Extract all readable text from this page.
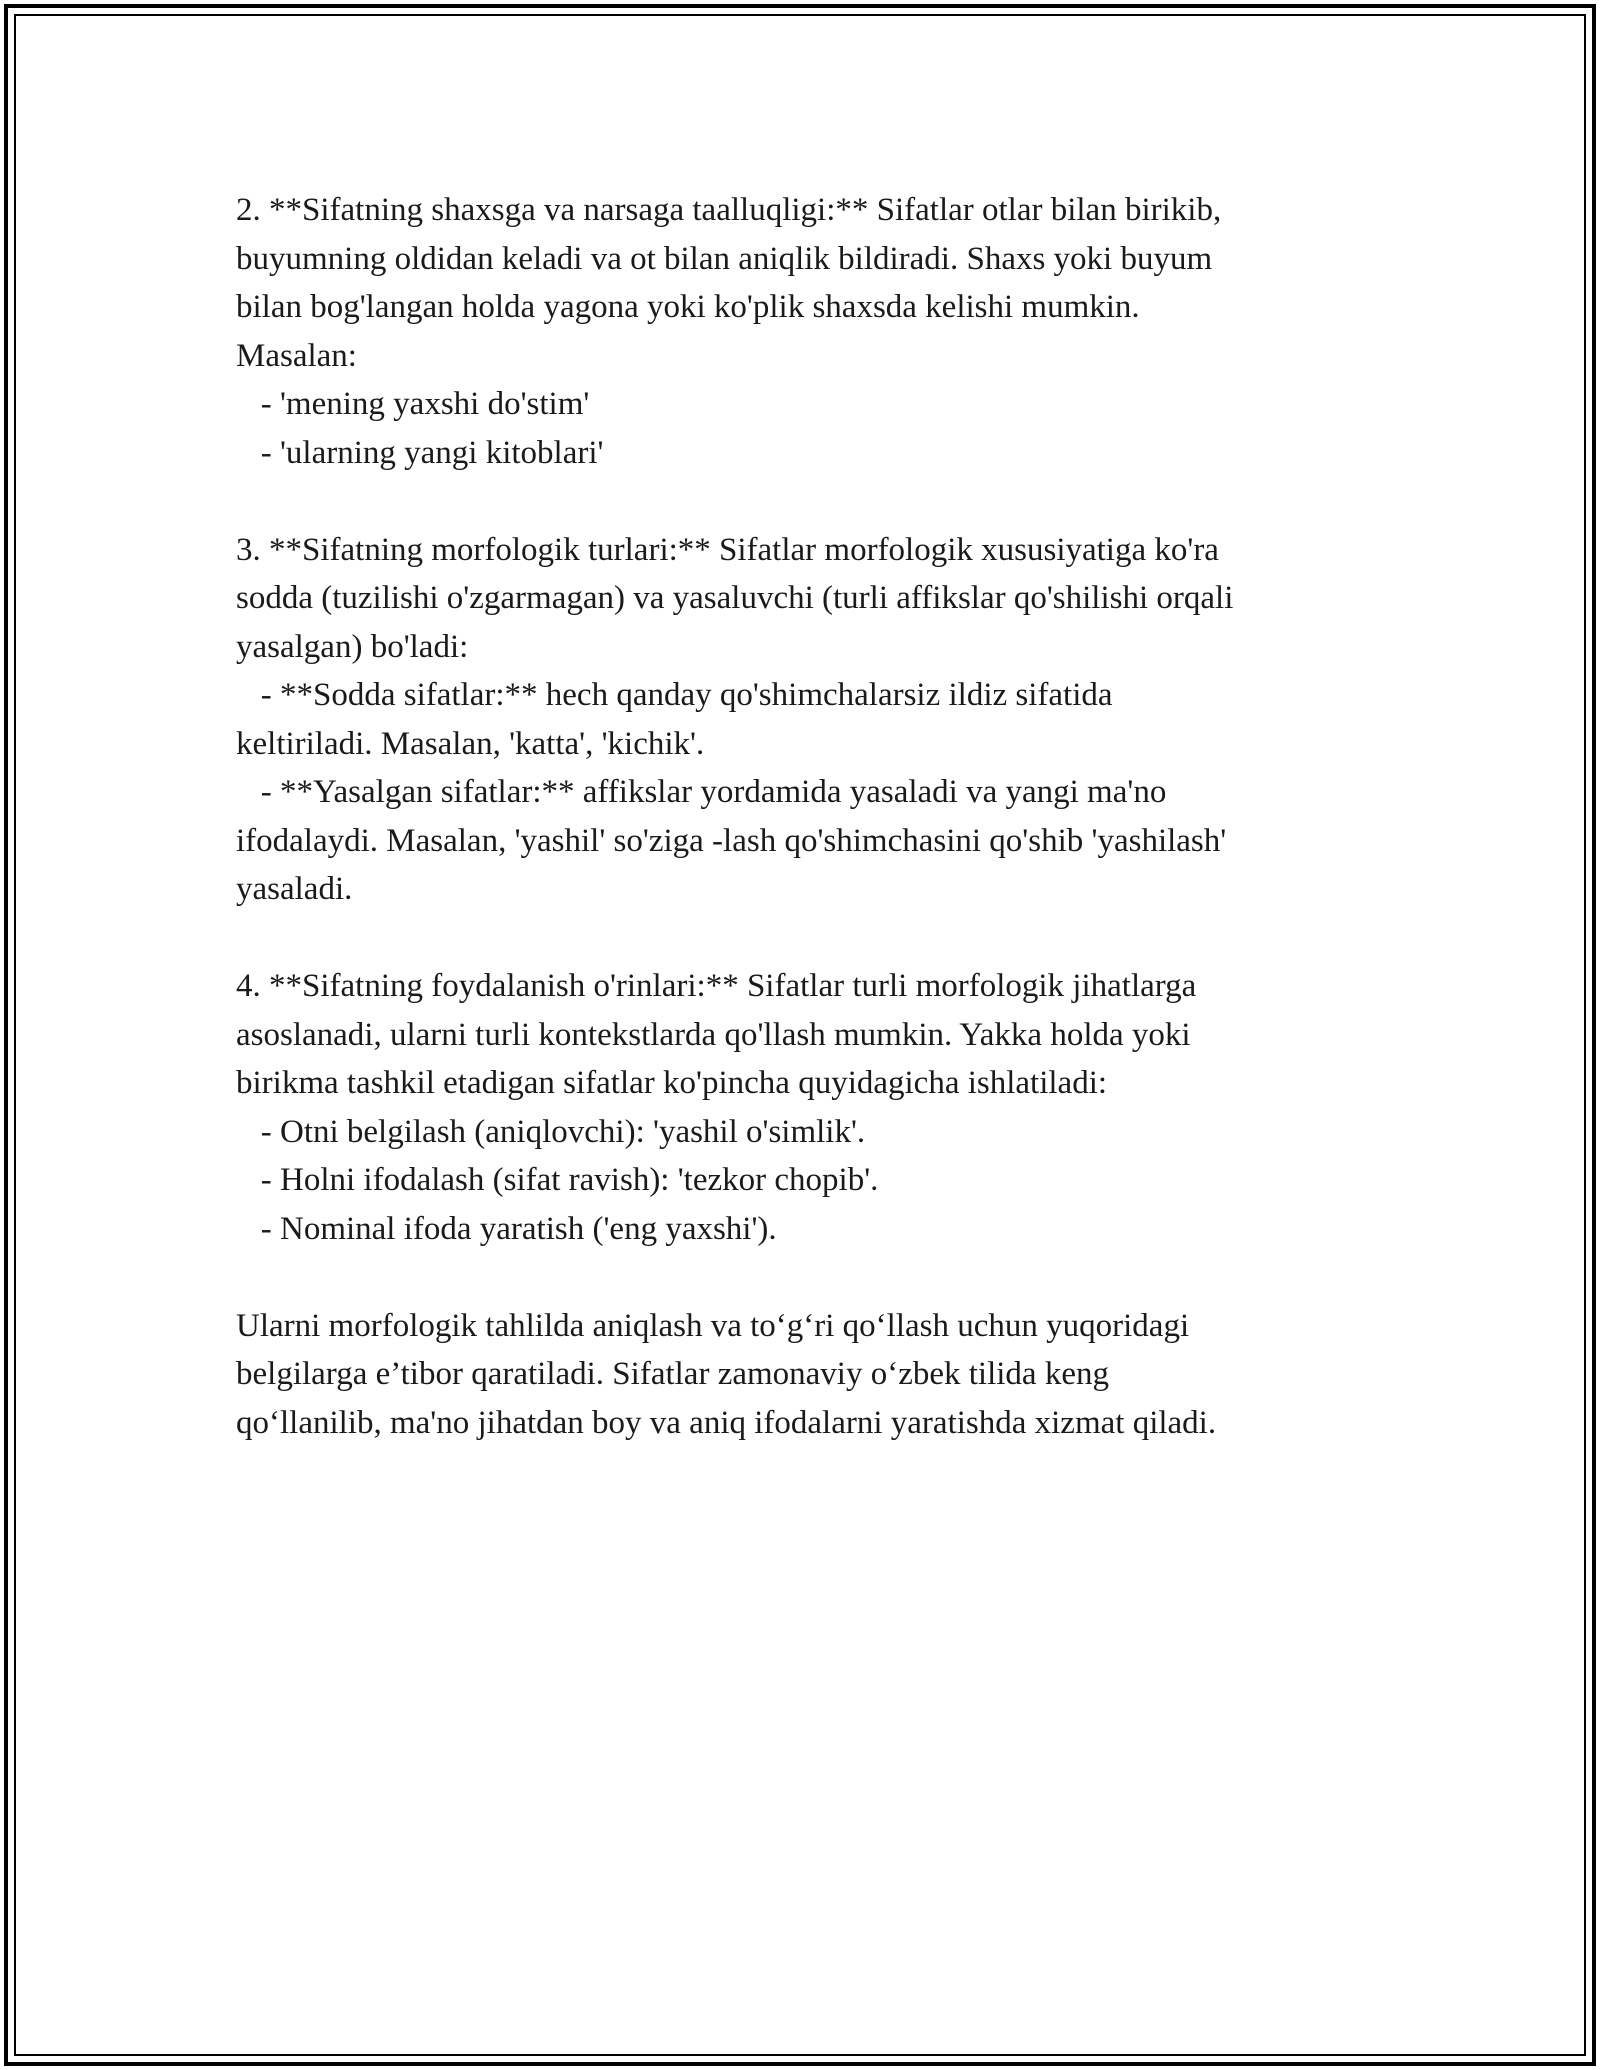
2. **Sifatning shaxsga va narsaga taalluqligi:** Sifatlar otlar bilan birikib,
buyumning oldidan keladi va ot bilan aniqlik bildiradi. Shaxs yoki buyum
bilan bog'langan holda yagona yoki ko'plik shaxsda kelishi mumkin.
Masalan:
- 'mening yaxshi do'stim'
- 'ularning yangi kitoblari'
3. **Sifatning morfologik turlari:** Sifatlar morfologik xususiyatiga ko'ra
sodda (tuzilishi o'zgarmagan) va yasaluvchi (turli affikslar qo'shilishi orqali
yasalgan) bo'ladi:
- **Sodda sifatlar:** hech qanday qo'shimchalarsiz ildiz sifatida
keltiriladi. Masalan, 'katta', 'kichik'.
- **Yasalgan sifatlar:** affikslar yordamida yasaladi va yangi ma'no
ifodalaydi. Masalan, 'yashil' so'ziga -lash qo'shimchasini qo'shib 'yashilash'
yasaladi.
4. **Sifatning foydalanish o'rinlari:** Sifatlar turli morfologik jihatlarga
asoslanadi, ularni turli kontekstlarda qo'llash mumkin. Yakka holda yoki
birikma tashkil etadigan sifatlar ko'pincha quyidagicha ishlatiladi:
- Otni belgilash (aniqlovchi): 'yashil o'simlik'.
- Holni ifodalash (sifat ravish): 'tezkor chopib'.
- Nominal ifoda yaratish ('eng yaxshi').
Ularni morfologik tahlilda aniqlash va to‘g‘ri qo‘llash uchun yuqoridagi
belgilarga e’tibor qaratiladi. Sifatlar zamonaviy o‘zbek tilida keng
qo‘llanilib, ma'no jihatdan boy va aniq ifodalarni yaratishda xizmat qiladi.
